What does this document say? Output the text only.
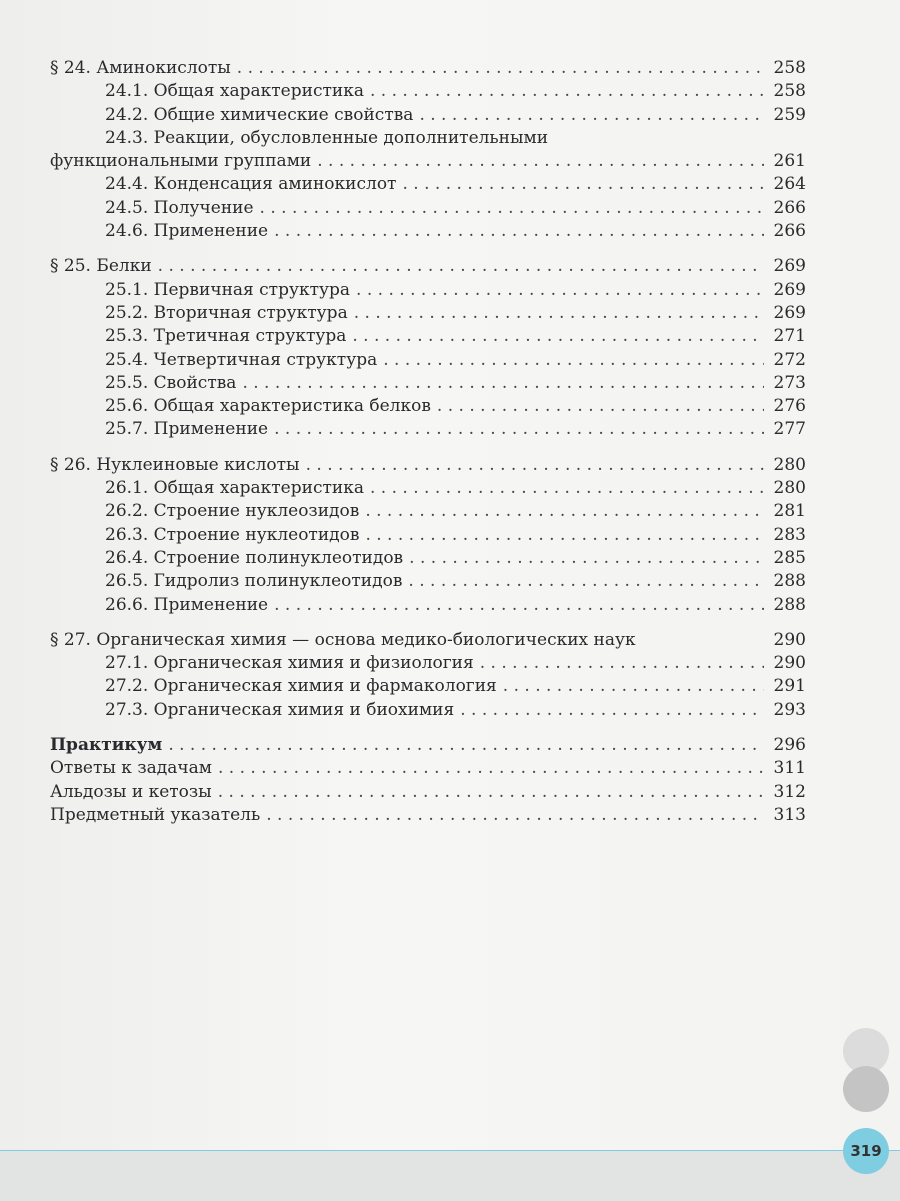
§ 24. Аминокислоты . . .	258
24.1. Общая характеристика . . .	258
24.2. Общие химические свойства . . .	259
24.3. Реакции, обусловленные дополнительными
функциональными группами . . .	261
24.4. Конденсация аминокислот . . .	264
24.5. Получение . . .	266
24.6. Применение . . .	266
§ 25. Белки . . .	269
25.1. Первичная структура . . .	269
25.2. Вторичная структура . . .	269
25.3. Третичная структура . . .	271
25.4. Четвертичная структура . . .	272
25.5. Свойства . . .	273
25.6. Общая характеристика белков . . .	276
25.7. Применение . . .	277
§ 26. Нуклеиновые кислоты . . .	280
26.1. Общая характеристика . . .	280
26.2. Строение нуклеозидов . . .	281
26.3. Строение нуклеотидов . . .	283
26.4. Строение полинуклеотидов . . .	285
26.5. Гидролиз полинуклеотидов . . .	288
26.6. Применение . . .	288
§ 27. Органическая химия — основа медико-биологических наук	290
27.1. Органическая химия и физиология . . .	290
27.2. Органическая химия и фармакология . . .	291
27.3. Органическая химия и биохимия . . .	293
Практикум . . .	296
Ответы к задачам . . .	311
Альдозы и кетозы . . .	312
Предметный указатель . . .	313
319
